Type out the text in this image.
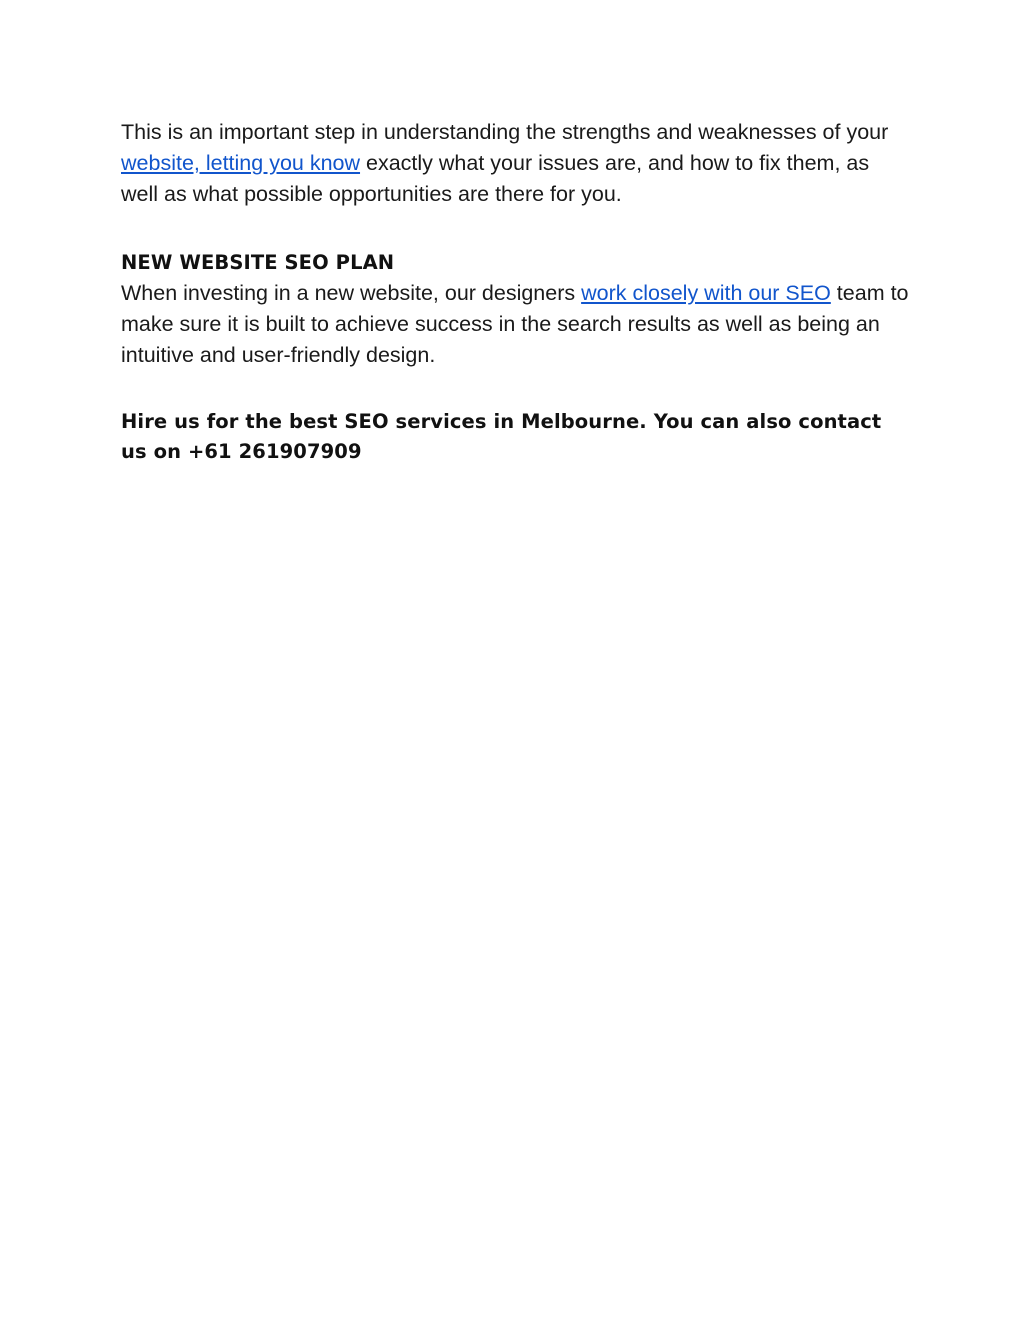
This is an important step in understanding the strengths and weaknesses of your website, letting you know exactly what your issues are, and how to fix them, as well as what possible opportunities are there for you.

NEW WEBSITE SEO PLAN

When investing in a new website, our designers work closely with our SEO team to make sure it is built to achieve success in the search results as well as being an intuitive and user-friendly design.

Hire us for the best SEO services in Melbourne. You can also contact us on +61 261907909
